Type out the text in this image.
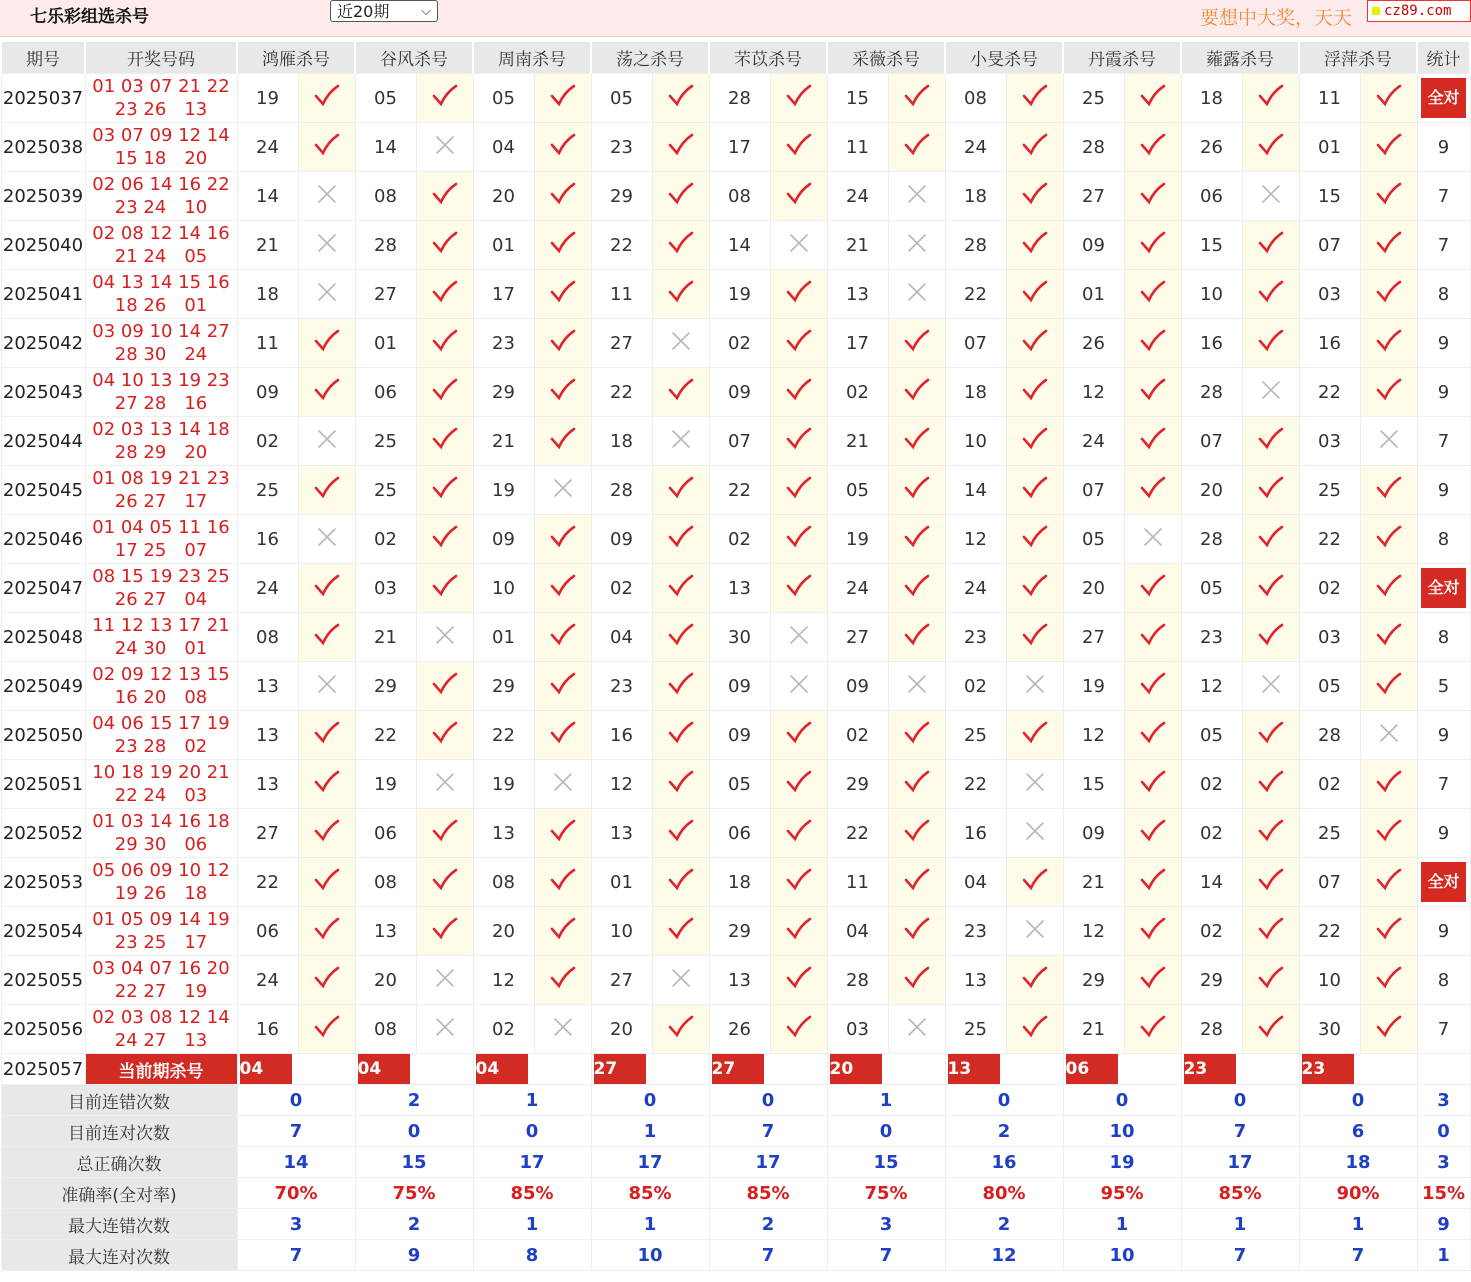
七乐彩组选杀号	近20期 ⌵	要想中大奖，天天	cz89.com
期号	开奖号码	鸿雁杀号		谷风杀号		周南杀号		荡之杀号		芣苡杀号		采薇杀号		小旻杀号		丹霞杀号		蕹露杀号		浮萍杀号		统计
2025037	01 03 07 21 22
23 26 13	19		05		05		05		28		15		08		25		18		11		全对
2025038	03 07 09 12 14
15 18 20	24		14		04		23		17		11		24		28		26		01		9
2025039	02 06 14 16 22
23 24 10	14		08		20		29		08		24		18		27		06		15		7
2025040	02 08 12 14 16
21 24 05	21		28		01		22		14		21		28		09		15		07		7
2025041	04 13 14 15 16
18 26 01	18		27		17		11		19		13		22		01		10		03		8
2025042	03 09 10 14 27
28 30 24	11		01		23		27		02		17		07		26		16		16		9
2025043	04 10 13 19 23
27 28 16	09		06		29		22		09		02		18		12		28		22		9
2025044	02 03 13 14 18
28 29 20	02		25		21		18		07		21		10		24		07		03		7
2025045	01 08 19 21 23
26 27 17	25		25		19		28		22		05		14		07		20		25		9
2025046	01 04 05 11 16
17 25 07	16		02		09		09		02		19		12		05		28		22		8
2025047	08 15 19 23 25
26 27 04	24		03		10		02		13		24		24		20		05		02		全对
2025048	11 12 13 17 21
24 30 01	08		21		01		04		30		27		23		27		23		03		8
2025049	02 09 12 13 15
16 20 08	13		29		29		23		09		09		02		19		12		05		5
2025050	04 06 15 17 19
23 28 02	13		22		22		16		09		02		25		12		05		28		9
2025051	10 18 19 20 21
22 24 03	13		19		19		12		05		29		22		15		02		02		7
2025052	01 03 14 16 18
29 30 06	27		06		13		13		06		22		16		09		02		25		9
2025053	05 06 09 10 12
19 26 18	22		08		08		01		18		11		04		21		14		07		全对
2025054	01 05 09 14 19
23 25 17	06		13		20		10		29		04		23		12		02		22		9
2025055	03 04 07 16 20
22 27 19	24		20		12		27		13		28		13		29		29		10		8
2025056	02 03 08 12 14
24 27 13	16		08		02		20		26		03		25		21		28		30		7
2025057	当前期杀号	04		04		04		27		27		20		13		06		23		23		
目前连错次数		0		2		1		0		0		1		0		0		0		0		3
目前连对次数		7		0		0		1		7		0		2		10		7		6		0
总正确次数		14		15		17		17		17		15		16		19		17		18		3
准确率(全对率)		70%		75%		85%		85%		85%		75%		80%		95%		85%		90%		15%
最大连错次数		3		2		1		1		2		3		2		1		1		1		9
最大连对次数		7		9		8		10		7		7		12		10		7		7		1
